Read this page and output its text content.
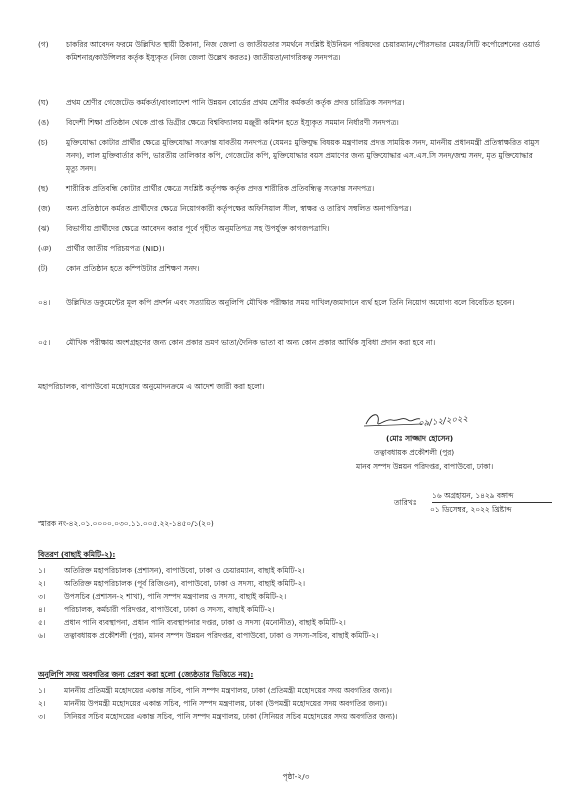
(গ)	চাকরির আবেদন ফরমে উল্লিখিত স্থায়ী ঠিকানা, নিজ জেলা ও জাতীয়তার সমর্থনে সংশ্লিষ্ট ইউনিয়ন পরিষদের চেয়ারম্যান/পৌরসভার মেয়র/সিটি কর্পোরেশনের ওয়ার্ড কমিশনার/কাউন্সিলর কর্তৃক ইস্যুকৃত (নিজ জেলা উল্লেখ করতঃ) জাতীয়তা/নাগরিকত্ব সনদপত্র।
(ঘ)	প্রথম শ্রেণীর গেজেটেড কর্মকর্তা/বাংলাদেশ পানি উন্নয়ন বোর্ডের প্রথম শ্রেণীর কর্মকর্তা কর্তৃক প্রদত্ত চারিত্রিক সনদপত্র।
(ঙ)	বিদেশী শিক্ষা প্রতিষ্ঠান থেকে প্রাপ্ত ডিগ্রীর ক্ষেত্রে বিশ্ববিদ্যালয় মঞ্জুরী কমিশন হতে ইস্যুকৃত সমমান নির্ধারণী সনদপত্র।
(চ)	মুক্তিযোদ্ধা কোটার প্রার্থীর ক্ষেত্রে মুক্তিযোদ্ধা সংক্রান্ত যাবতীয় সনদপত্র (যেমনঃ মুক্তিযুদ্ধ বিষয়ক মন্ত্রণালয় প্রদত্ত সাময়িক সনদ, মাননীয় প্রধানমন্ত্রী প্রতিস্বাক্ষরিত বামুস সনদ), লাল মুক্তিবার্তার কপি, ভারতীয় তালিকার কপি, গেজেটের কপি, মুক্তিযোদ্ধার বয়স প্রমাণের জন্য মুক্তিযোদ্ধার এস.এস.সি সনদ/জন্ম সনদ, মৃত মুক্তিযোদ্ধার মৃত্যু সনদ।
(ছ)	শারীরিক প্রতিবন্ধি কোটার প্রার্থীর ক্ষেত্রে সংশ্লিষ্ট কর্তৃপক্ষ কর্তৃক প্রদত্ত শারীরিক প্রতিবন্ধিত্ব সংক্রান্ত সনদপত্র।
(জ)	অন্য প্রতিষ্ঠানে কর্মরত প্রার্থীদের ক্ষেত্রে নিয়োগকারী কর্তৃপক্ষের অফিসিয়াল সীল, স্বাক্ষর ও তারিখ সম্বলিত অনাপত্তিপত্র।
(ঝ)	বিভাগীয় প্রার্থীদের ক্ষেত্রে আবেদন করার পূর্বে গৃহীত অনুমতিপত্র সহ উপর্যুক্ত কাগজপত্রাদি।
(ঞ)	প্রার্থীর জাতীয় পরিচয়পত্র (NID)।
(ট)	কোন প্রতিষ্ঠান হতে কম্পিউটার প্রশিক্ষণ সনদ।
০৪।	উল্লিখিত ডকুমেন্টের মূল কপি প্রদর্শন এবং সত্যায়িত অনুলিপি মৌখিক পরীক্ষার সময় দাখিল/জমাদানে ব্যর্থ হলে তিনি নিয়োগ অযোগ্য বলে বিবেচিত হবেন।
০৫।	মৌখিক পরীক্ষায় অংশগ্রহণের জন্য কোন প্রকার ভ্রমণ ভাতা/দৈনিক ভাতা বা অন্য কোন প্রকার আর্থিক সুবিধা প্রদান করা হবে না।
মহাপরিচালক, বাপাউবো মহোদয়ের অনুমোদনক্রমে এ আদেশ জারী করা হলো।
০৯/১২/২০২২
(মোঃ সাজ্জাদ হোসেন)
তত্বাবধায়ক প্রকৌশলী (পুর)
মানব সম্পদ উন্নয়ন পরিদপ্তর, বাপাউবো, ঢাকা।
তারিখঃ
১৬ অগ্রহায়ন, ১৪২৯ বঙ্গাব্দ
০১ ডিসেম্বর, ২০২২ খ্রিষ্টাব্দ
স্মারক নং-৪২.০১.০০০০.০৩০.১১.০০৫.২২-১৪৫০/১(২০)
বিতরণ (বাছাই কমিটি-২):
১।	অতিরিক্ত মহাপরিচালক (প্রশাসন), বাপাউবো, ঢাকা ও চেয়ারম্যান, বাছাই কমিটি-২।
২।	অতিরিক্ত মহাপরিচালক (পূর্ব রিজিওন), বাপাউবো, ঢাকা ও সদস্য, বাছাই কমিটি-২।
৩।	উপসচিব (প্রশাসন-২ শাখা), পানি সম্পদ মন্ত্রণালয় ও সদস্য, বাছাই কমিটি-২।
৪।	পরিচালক, কর্মচারী পরিদপ্তর, বাপাউবো, ঢাকা ও সদস্য, বাছাই কমিটি-২।
৫।	প্রধান পানি ব্যবস্থাপনা, প্রধান পানি ব্যবস্থাপনার দপ্তর, ঢাকা ও সদস্য (মনোনীত), বাছাই কমিটি-২।
৬।	তত্বাবধায়ক প্রকৌশলী (পুর), মানব সম্পদ উন্নয়ন পরিদপ্তর, বাপাউবো, ঢাকা ও সদস্য-সচিব, বাছাই কমিটি-২।
অনুলিপি সদয় অবগতির জন্য প্রেরণ করা হলো (জ্যেষ্ঠতার ভিত্তিতে নয়):
১।	মাননীয় প্রতিমন্ত্রী মহোদয়ের একান্ত সচিব, পানি সম্পদ মন্ত্রণালয়, ঢাকা (প্রতিমন্ত্রী মহোদয়ের সদয় অবগতির জন্য)।
২।	মাননীয় উপমন্ত্রী মহোদয়ের একান্ত সচিব, পানি সম্পদ মন্ত্রণালয়, ঢাকা (উপমন্ত্রী মহোদয়ের সদয় অবগতির জন্য)।
৩।	সিনিয়র সচিব মহোদয়ের একান্ত সচিব, পানি সম্পদ মন্ত্রণালয়, ঢাকা (সিনিয়র সচিব মহোদয়ের সদয় অবগতির জন্য)।
পৃষ্ঠা-২/৩
